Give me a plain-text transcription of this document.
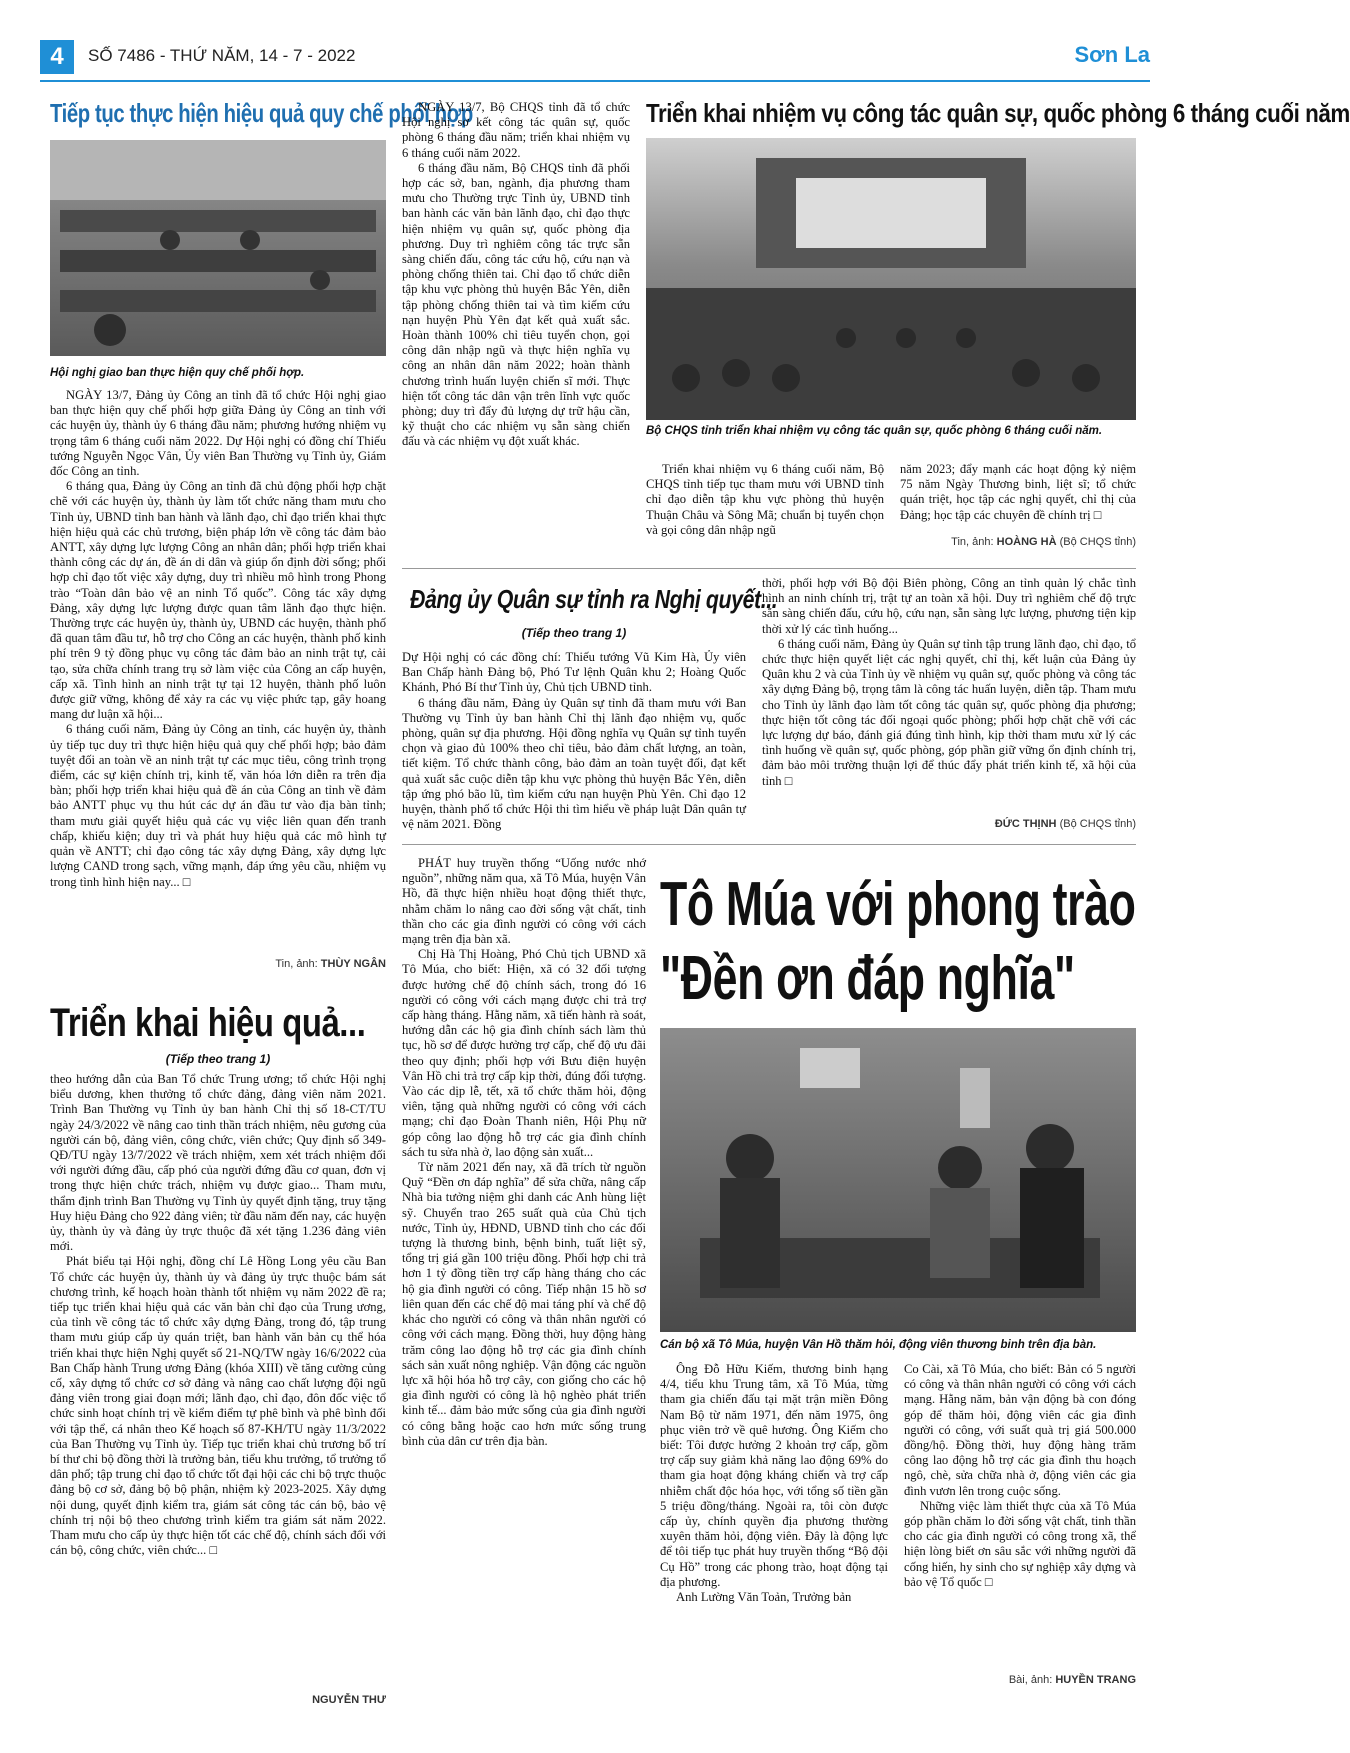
4	SỐ 7486 - THỨ NĂM, 14 - 7 - 2022	Sơn La
Tiếp tục thực hiện hiệu quả quy chế phối hợp
Hội nghị giao ban thực hiện quy chế phối hợp.

NGÀY 13/7, Đảng ủy Công an tỉnh đã tổ chức Hội nghị giao ban thực hiện quy chế phối hợp giữa Đảng ủy Công an tỉnh với các huyện ủy, thành ủy 6 tháng đầu năm; phương hướng nhiệm vụ trọng tâm 6 tháng cuối năm 2022. Dự Hội nghị có đồng chí Thiếu tướng Nguyễn Ngọc Vân, Ủy viên Ban Thường vụ Tỉnh ủy, Giám đốc Công an tỉnh.

6 tháng qua, Đảng ủy Công an tỉnh đã chủ động phối hợp chặt chẽ với các huyện ủy, thành ủy làm tốt chức năng tham mưu cho Tỉnh ủy, UBND tỉnh ban hành và lãnh đạo, chỉ đạo triển khai thực hiện hiệu quả các chủ trương, biện pháp lớn về công tác đảm bảo ANTT, xây dựng lực lượng Công an nhân dân; phối hợp triển khai thành công các dự án, đề án di dân và giúp ổn định đời sống; phối hợp chỉ đạo tốt việc xây dựng, duy trì nhiều mô hình trong Phong trào “Toàn dân bảo vệ an ninh Tổ quốc”. Công tác xây dựng Đảng, xây dựng lực lượng được quan tâm lãnh đạo thực hiện. Thường trực các huyện ủy, thành ủy, UBND các huyện, thành phố đã quan tâm đầu tư, hỗ trợ cho Công an các huyện, thành phố kinh phí trên 9 tỷ đồng phục vụ công tác đảm bảo an ninh trật tự, cải tạo, sửa chữa chính trang trụ sở làm việc của Công an cấp huyện, cấp xã. Tình hình an ninh trật tự tại 12 huyện, thành phố luôn được giữ vững, không để xảy ra các vụ việc phức tạp, gây hoang mang dư luận xã hội...

6 tháng cuối năm, Đảng ủy Công an tỉnh, các huyện ủy, thành ủy tiếp tục duy trì thực hiện hiệu quả quy chế phối hợp; bảo đảm tuyệt đối an toàn về an ninh trật tự các mục tiêu, công trình trọng điểm, các sự kiện chính trị, kinh tế, văn hóa lớn diễn ra trên địa bàn; phối hợp triển khai hiệu quả đề án của Công an tỉnh về đảm bảo ANTT phục vụ thu hút các dự án đầu tư vào địa bàn tỉnh; tham mưu giải quyết hiệu quả các vụ việc liên quan đến tranh chấp, khiếu kiện; duy trì và phát huy hiệu quả các mô hình tự quản về ANTT; chỉ đạo công tác xây dựng Đảng, xây dựng lực lượng CAND trong sạch, vững mạnh, đáp ứng yêu cầu, nhiệm vụ trong tình hình hiện nay... □

Tin, ảnh: THÙY NGÂN
Triển khai hiệu quả...
(Tiếp theo trang 1)

theo hướng dẫn của Ban Tổ chức Trung ương; tổ chức Hội nghị biểu dương, khen thưởng tổ chức đảng, đảng viên năm 2021. Trình Ban Thường vụ Tỉnh ủy ban hành Chỉ thị số 18-CT/TU ngày 24/3/2022 về nâng cao tinh thần trách nhiệm, nêu gương của người cán bộ, đảng viên, công chức, viên chức; Quy định số 349-QĐ/TU ngày 13/7/2022 về trách nhiệm, xem xét trách nhiệm đối với người đứng đầu, cấp phó của người đứng đầu cơ quan, đơn vị trong thực hiện chức trách, nhiệm vụ được giao... Tham mưu, thẩm định trình Ban Thường vụ Tỉnh ủy quyết định tặng, truy tặng Huy hiệu Đảng cho 922 đảng viên; từ đầu năm đến nay, các huyện ủy, thành ủy và đảng ủy trực thuộc đã xét tặng 1.236 đảng viên mới.

Phát biểu tại Hội nghị, đồng chí Lê Hồng Long yêu cầu Ban Tổ chức các huyện ủy, thành ủy và đảng ủy trực thuộc bám sát chương trình, kế hoạch hoàn thành tốt nhiệm vụ năm 2022 đề ra; tiếp tục triển khai hiệu quả các văn bản chỉ đạo của Trung ương, của tỉnh về công tác tổ chức xây dựng Đảng, trong đó, tập trung tham mưu giúp cấp ủy quán triệt, ban hành văn bản cụ thể hóa triển khai thực hiện Nghị quyết số 21-NQ/TW ngày 16/6/2022 của Ban Chấp hành Trung ương Đảng (khóa XIII) về tăng cường củng cố, xây dựng tổ chức cơ sở đảng và nâng cao chất lượng đội ngũ đảng viên trong giai đoạn mới; lãnh đạo, chỉ đạo, đôn đốc việc tổ chức sinh hoạt chính trị về kiểm điểm tự phê bình và phê bình đối với tập thể, cá nhân theo Kế hoạch số 87-KH/TU ngày 11/3/2022 của Ban Thường vụ Tỉnh ủy. Tiếp tục triển khai chủ trương bố trí bí thư chi bộ đồng thời là trưởng bản, tiểu khu trưởng, tổ trưởng tổ dân phố; tập trung chỉ đạo tổ chức tốt đại hội các chi bộ trực thuộc đảng bộ cơ sở, đảng bộ bộ phận, nhiệm kỳ 2023-2025. Xây dựng nội dung, quyết định kiểm tra, giám sát công tác cán bộ, bảo vệ chính trị nội bộ theo chương trình kiểm tra giám sát năm 2022. Tham mưu cho cấp ủy thực hiện tốt các chế độ, chính sách đối với cán bộ, công chức, viên chức... □

NGUYỄN THƯ

NGÀY 13/7, Bộ CHQS tỉnh đã tổ chức Hội nghị sơ kết công tác quân sự, quốc phòng 6 tháng đầu năm; triển khai nhiệm vụ 6 tháng cuối năm 2022.

6 tháng đầu năm, Bộ CHQS tỉnh đã phối hợp các sở, ban, ngành, địa phương tham mưu cho Thường trực Tỉnh ủy, UBND tỉnh ban hành các văn bản lãnh đạo, chỉ đạo thực hiện nhiệm vụ quân sự, quốc phòng địa phương. Duy trì nghiêm công tác trực sẵn sàng chiến đấu, công tác cứu hộ, cứu nạn và phòng chống thiên tai. Chỉ đạo tổ chức diễn tập khu vực phòng thủ huyện Bắc Yên, diễn tập phòng chống thiên tai và tìm kiếm cứu nạn huyện Phù Yên đạt kết quả xuất sắc. Hoàn thành 100% chỉ tiêu tuyển chọn, gọi công dân nhập ngũ và thực hiện nghĩa vụ công an nhân dân năm 2022; hoàn thành chương trình huấn luyện chiến sĩ mới. Thực hiện tốt công tác dân vận trên lĩnh vực quốc phòng; duy trì đẩy đủ lượng dự trữ hậu cần, kỹ thuật cho các nhiệm vụ sẵn sàng chiến đấu và các nhiệm vụ đột xuất khác.

Triển khai nhiệm vụ công tác quân sự, quốc phòng 6 tháng cuối năm
Bộ CHQS tỉnh triển khai nhiệm vụ công tác quân sự, quốc phòng 6 tháng cuối năm.

Triển khai nhiệm vụ 6 tháng cuối năm, Bộ CHQS tỉnh tiếp tục tham mưu với UBND tỉnh chỉ đạo diễn tập khu vực phòng thủ huyện Thuận Châu và Sông Mã; chuẩn bị tuyển chọn và gọi công dân nhập ngũ

năm 2023; đẩy mạnh các hoạt động kỷ niệm 75 năm Ngày Thương binh, liệt sĩ; tổ chức quán triệt, học tập các nghị quyết, chỉ thị của Đảng; học tập các chuyên đề chính trị □

Tin, ảnh: HOÀNG HÀ (Bộ CHQS tỉnh)
Đảng ủy Quân sự tỉnh ra Nghị quyết...
(Tiếp theo trang 1)

Dự Hội nghị có các đồng chí: Thiếu tướng Vũ Kim Hà, Ủy viên Ban Chấp hành Đảng bộ, Phó Tư lệnh Quân khu 2; Hoàng Quốc Khánh, Phó Bí thư Tỉnh ủy, Chủ tịch UBND tỉnh.

6 tháng đầu năm, Đảng ủy Quân sự tỉnh đã tham mưu với Ban Thường vụ Tỉnh ủy ban hành Chỉ thị lãnh đạo nhiệm vụ, quốc phòng, quân sự địa phương. Hội đồng nghĩa vụ Quân sự tỉnh tuyển chọn và giao đủ 100% theo chỉ tiêu, bảo đảm chất lượng, an toàn, tiết kiệm. Tổ chức thành công, bảo đảm an toàn tuyệt đối, đạt kết quả xuất sắc cuộc diễn tập khu vực phòng thủ huyện Bắc Yên, diễn tập ứng phó bão lũ, tìm kiếm cứu nạn huyện Phù Yên. Chỉ đạo 12 huyện, thành phố tổ chức Hội thi tìm hiểu về pháp luật Dân quân tự vệ năm 2021. Đồng

thời, phối hợp với Bộ đội Biên phòng, Công an tỉnh quản lý chắc tình hình an ninh chính trị, trật tự an toàn xã hội. Duy trì nghiêm chế độ trực sẵn sàng chiến đấu, cứu hộ, cứu nạn, sẵn sàng lực lượng, phương tiện kịp thời xử lý các tình huống...

6 tháng cuối năm, Đảng ủy Quân sự tỉnh tập trung lãnh đạo, chỉ đạo, tổ chức thực hiện quyết liệt các nghị quyết, chỉ thị, kết luận của Đảng ủy Quân khu 2 và của Tỉnh ủy về nhiệm vụ quân sự, quốc phòng và công tác xây dựng Đảng bộ, trọng tâm là công tác huấn luyện, diễn tập. Tham mưu cho Tỉnh ủy lãnh đạo làm tốt công tác quân sự, quốc phòng địa phương; thực hiện tốt công tác đối ngoại quốc phòng; phối hợp chặt chẽ với các lực lượng dự báo, đánh giá đúng tình hình, kịp thời tham mưu xử lý các tình huống về quân sự, quốc phòng, góp phần giữ vững ổn định chính trị, đảm bảo môi trường thuận lợi để thúc đẩy phát triển kinh tế, xã hội của tỉnh □

ĐỨC THỊNH (Bộ CHQS tỉnh)

PHÁT huy truyền thống “Uống nước nhớ nguồn”, những năm qua, xã Tô Múa, huyện Vân Hồ, đã thực hiện nhiều hoạt động thiết thực, nhằm chăm lo nâng cao đời sống vật chất, tinh thần cho các gia đình người có công với cách mạng trên địa bàn xã.

Chị Hà Thị Hoàng, Phó Chủ tịch UBND xã Tô Múa, cho biết: Hiện, xã có 32 đối tượng được hưởng chế độ chính sách, trong đó 16 người có công với cách mạng được chi trả trợ cấp hàng tháng. Hằng năm, xã tiến hành rà soát, hướng dẫn các hộ gia đình chính sách làm thủ tục, hồ sơ để được hưởng trợ cấp, chế độ ưu đãi theo quy định; phối hợp với Bưu điện huyện Vân Hồ chi trả trợ cấp kịp thời, đúng đối tượng. Vào các dịp lễ, tết, xã tổ chức thăm hỏi, động viên, tặng quà những người có công với cách mạng; chỉ đạo Đoàn Thanh niên, Hội Phụ nữ góp công lao động hỗ trợ các gia đình chính sách tu sửa nhà ở, lao động sản xuất...

Từ năm 2021 đến nay, xã đã trích từ nguồn Quỹ “Đền ơn đáp nghĩa” để sửa chữa, nâng cấp Nhà bia tưởng niệm ghi danh các Anh hùng liệt sỹ. Chuyển trao 265 suất quà của Chủ tịch nước, Tỉnh ủy, HĐND, UBND tỉnh cho các đối tượng là thương binh, bệnh binh, tuất liệt sỹ, tổng trị giá gần 100 triệu đồng. Phối hợp chi trả hơn 1 tỷ đồng tiền trợ cấp hàng tháng cho các hộ gia đình người có công. Tiếp nhận 15 hồ sơ liên quan đến các chế độ mai táng phí và chế độ khác cho người có công và thân nhân người có công với cách mạng. Đồng thời, huy động hàng trăm công lao động hỗ trợ các gia đình chính sách sản xuất nông nghiệp. Vận động các nguồn lực xã hội hóa hỗ trợ cây, con giống cho các hộ gia đình người có công là hộ nghèo phát triển kinh tế... đảm bảo mức sống của gia đình người có công bằng hoặc cao hơn mức sống trung bình của dân cư trên địa bàn.

Tô Múa với phong trào
"Đền ơn đáp nghĩa"
Cán bộ xã Tô Múa, huyện Vân Hồ thăm hỏi, động viên thương binh trên địa bàn.

Ông Đỗ Hữu Kiếm, thương binh hạng 4/4, tiểu khu Trung tâm, xã Tô Múa, từng tham gia chiến đấu tại mặt trận miền Đông Nam Bộ từ năm 1971, đến năm 1975, ông phục viên trở về quê hương. Ông Kiếm cho biết: Tôi được hưởng 2 khoản trợ cấp, gồm trợ cấp suy giảm khả năng lao động 69% do tham gia hoạt động kháng chiến và trợ cấp nhiễm chất độc hóa học, với tổng số tiền gần 5 triệu đồng/tháng. Ngoài ra, tôi còn được cấp ủy, chính quyền địa phương thường xuyên thăm hỏi, động viên. Đây là động lực để tôi tiếp tục phát huy truyền thống “Bộ đội Cụ Hồ” trong các phong trào, hoạt động tại địa phương.

Anh Lường Văn Toản, Trưởng bản

Co Cài, xã Tô Múa, cho biết: Bản có 5 người có công và thân nhân người có công với cách mạng. Hằng năm, bản vận động bà con đóng góp để thăm hỏi, động viên các gia đình người có công, với suất quà trị giá 500.000 đồng/hộ. Đồng thời, huy động hàng trăm công lao động hỗ trợ các gia đình thu hoạch ngô, chè, sửa chữa nhà ở, động viên các gia đình vươn lên trong cuộc sống.

Những việc làm thiết thực của xã Tô Múa góp phần chăm lo đời sống vật chất, tinh thần cho các gia đình người có công trong xã, thể hiện lòng biết ơn sâu sắc với những người đã cống hiến, hy sinh cho sự nghiệp xây dựng và bảo vệ Tổ quốc □

Bài, ảnh: HUYỀN TRANG
